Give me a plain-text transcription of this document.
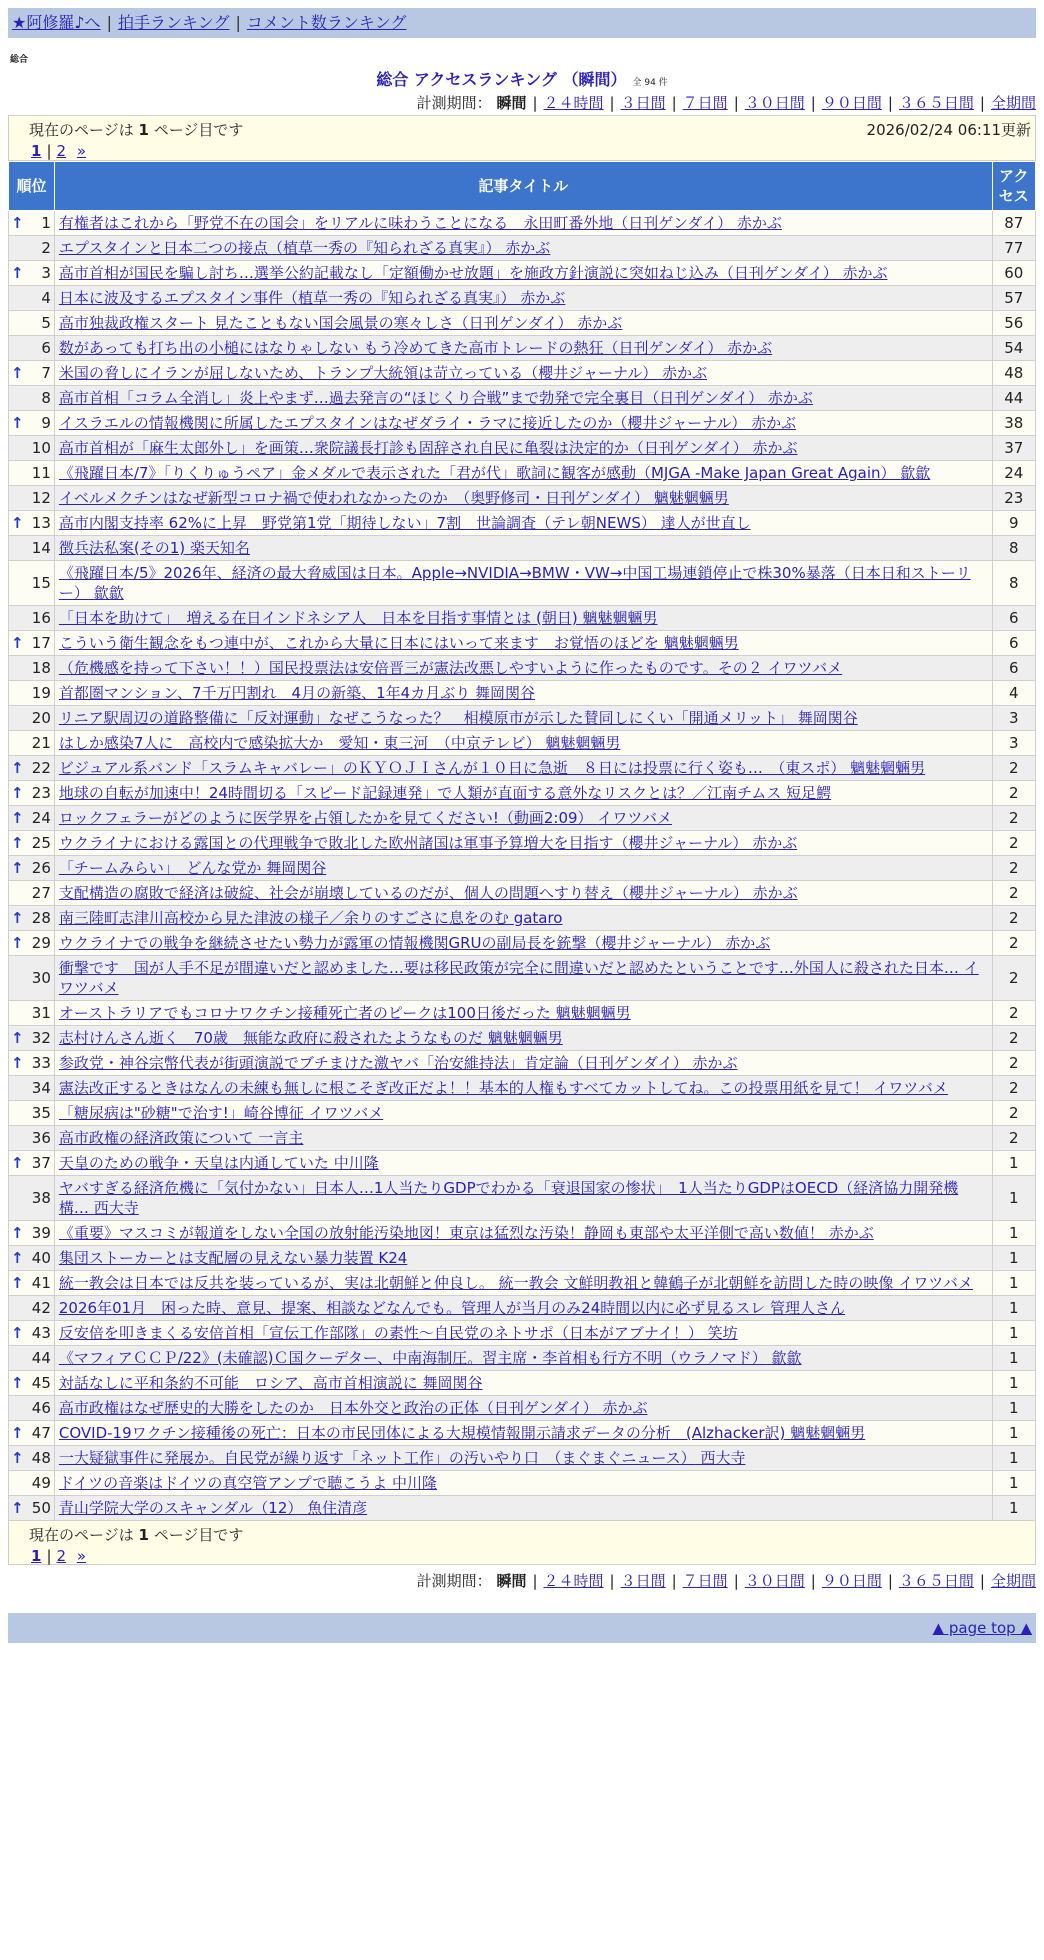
★阿修羅♪へ | 拍手ランキング | コメント数ランキング
総合
総合 アクセスランキング （瞬間） 全 94 件
計測期間： 瞬間 | ２４時間 | ３日間 | ７日間 | ３０日間 | ９０日間 | ３６５日間 | 全期間
現在のページは 1 ページ目です	2026/02/24 06:11更新
1 | 2 »
順位	記事タイトル	アクセス

↑ 1	有権者はこれから「野党不在の国会」をリアルに味わうことになる　永田町番外地（日刊ゲンダイ） 赤かぶ	87
2	エプスタインと日本二つの接点（植草一秀の『知られざる真実』） 赤かぶ	77

↑ 3	高市首相が国民を騙し討ち…選挙公約記載なし「定額働かせ放題」を施政方針演説に突如ねじ込み（日刊ゲンダイ） 赤かぶ	60
4	日本に波及するエプスタイン事件（植草一秀の『知られざる真実』） 赤かぶ	57
5	高市独裁政権スタート 見たこともない国会風景の寒々しさ（日刊ゲンダイ） 赤かぶ	56
6	数があっても打ち出の小槌にはなりゃしない もう冷めてきた高市トレードの熱狂（日刊ゲンダイ） 赤かぶ	54

↑ 7	米国の脅しにイランが屈しないため、トランプ大統領は苛立っている（櫻井ジャーナル） 赤かぶ	48
8	高市首相「コラム全消し」炎上やまず…過去発言の“ほじくり合戦”まで勃発で完全裏目（日刊ゲンダイ） 赤かぶ	44

↑ 9	イスラエルの情報機関に所属したエプスタインはなぜダライ・ラマに接近したのか（櫻井ジャーナル） 赤かぶ	38
10	高市首相が「麻生太郎外し」を画策…衆院議長打診も固辞され自民に亀裂は決定的か（日刊ゲンダイ） 赤かぶ	37
11	《飛躍日本/7》「りくりゅうペア」金メダルで表示された「君が代」歌詞に観客が感動（MJGA -Make Japan Great Again） 歙歙	24
12	イベルメクチンはなぜ新型コロナ禍で使われなかったのか　（奥野修司・日刊ゲンダイ） 魑魅魍魎男	23

↑ 13	高市内閣支持率 62%に上昇　野党第1党「期待しない」7割　世論調査（テレ朝NEWS） 達人が世直し	9
14	徴兵法私案(その1) 楽天知名	8
15	《飛躍日本/5》2026年、経済の最大脅威国は日本。Apple→NVIDIA→BMW・VW→中国工場連鎖停止で株30%暴落（日本日和ストーリー） 歙歙	8
16	「日本を助けて」　増える在日インドネシア人　日本を目指す事情とは (朝日) 魑魅魍魎男	6

↑ 17	こういう衛生観念をもつ連中が、これから大量に日本にはいって来ます　お覚悟のほどを 魑魅魍魎男	6
18	（危機感を持って下さい！！）国民投票法は安倍晋三が憲法改悪しやすいように作ったものです。その２ イワツバメ	6
19	首都圏マンション、7千万円割れ　4月の新築、1年4カ月ぶり 舞岡関谷	4
20	リニア駅周辺の道路整備に「反対運動」なぜこうなった？　相模原市が示した賛同しにくい「開通メリット」 舞岡関谷	3
21	はしか感染7人に　高校内で感染拡大か　愛知・東三河　（中京テレビ） 魑魅魍魎男	3

↑ 22	ビジュアル系バンド「スラムキャバレー」のＫＹＯＪＩさんが１０日に急逝　８日には投票に行く姿も…　（東スポ） 魑魅魍魎男	2

↑ 23	地球の自転が加速中！24時間切る「スピード記録連発」で人類が直面する意外なリスクとは？／江南チムス 短足鰐	2

↑ 24	ロックフェラーがどのように医学界を占領したかを見てください!（動画2:09） イワツバメ	2

↑ 25	ウクライナにおける露国との代理戦争で敗北した欧州諸国は軍事予算増大を目指す（櫻井ジャーナル） 赤かぶ	2

↑ 26	「チームみらい」　どんな党か 舞岡関谷	2
27	支配構造の腐敗で経済は破綻、社会が崩壊しているのだが、個人の問題へすり替え（櫻井ジャーナル） 赤かぶ	2

↑ 28	南三陸町志津川高校から見た津波の様子／余りのすごさに息をのむ gataro	2

↑ 29	ウクライナでの戦争を継続させたい勢力が露軍の情報機関GRUの副局長を銃撃（櫻井ジャーナル） 赤かぶ	2
30	衝撃です　国が人手不足が間違いだと認めました…要は移民政策が完全に間違いだと認めたということです…外国人に殺された日本… イワツバメ	2
31	オーストラリアでもコロナワクチン接種死亡者のピークは100日後だった 魑魅魍魎男	2

↑ 32	志村けんさん逝く　70歳　無能な政府に殺されたようなものだ 魑魅魍魎男	2

↑ 33	参政党・神谷宗幣代表が街頭演説でブチまけた激ヤバ「治安維持法」肯定論（日刊ゲンダイ） 赤かぶ	2
34	憲法改正するときはなんの未練も無しに根こそぎ改正だよ！！基本的人権もすべてカットしてね。この投票用紙を見て！ イワツバメ	2
35	「糖尿病は"砂糖"で治す!」崎谷博征 イワツバメ	2
36	高市政権の経済政策について 一言主	2

↑ 37	天皇のための戦争・天皇は内通していた 中川隆	1
38	ヤバすぎる経済危機に「気付かない」日本人…1人当たりGDPでわかる「衰退国家の惨状」　1人当たりGDPはOECD（経済協力開発機構… 西大寺	1

↑ 39	《重要》マスコミが報道をしない全国の放射能汚染地図！東京は猛烈な汚染！静岡も東部や太平洋側で高い数値！ 赤かぶ	1

↑ 40	集団ストーカーとは支配層の見えない暴力装置 K24	1

↑ 41	統一教会は日本では反共を装っているが、実は北朝鮮と仲良し。 統一教会 文鮮明教祖と韓鶴子が北朝鮮を訪問した時の映像 イワツバメ	1
42	2026年01月　困った時、意見、提案、相談などなんでも。管理人が当月のみ24時間以内に必ず見るスレ 管理人さん	1

↑ 43	反安倍を叩きまくる安倍首相「宣伝工作部隊」の素性〜自民党のネトサポ（日本がアブナイ！） 笑坊	1
44	《マフィアＣＣＰ/22》(未確認)Ｃ国クーデター、中南海制圧。習主席・李首相も行方不明（ウラノマド） 歙歙	1

↑ 45	対話なしに平和条約不可能　ロシア、高市首相演説に 舞岡関谷	1
46	高市政権はなぜ歴史的大勝をしたのか　日本外交と政治の正体（日刊ゲンダイ） 赤かぶ	1

↑ 47	COVID-19ワクチン接種後の死亡：日本の市民団体による大規模情報開示請求データの分析　(Alzhacker訳) 魑魅魍魎男	1

↑ 48	一大疑獄事件に発展か。自民党が繰り返す「ネット工作」の汚いやり口　（まぐまぐニュース） 西大寺	1
49	ドイツの音楽はドイツの真空管アンプで聴こうよ 中川隆	1

↑ 50	青山学院大学のスキャンダル（12） 魚住清彦	1
現在のページは 1 ページ目です
1 | 2 »
計測期間： 瞬間 | ２４時間 | ３日間 | ７日間 | ３０日間 | ９０日間 | ３６５日間 | 全期間
▲ page top ▲
